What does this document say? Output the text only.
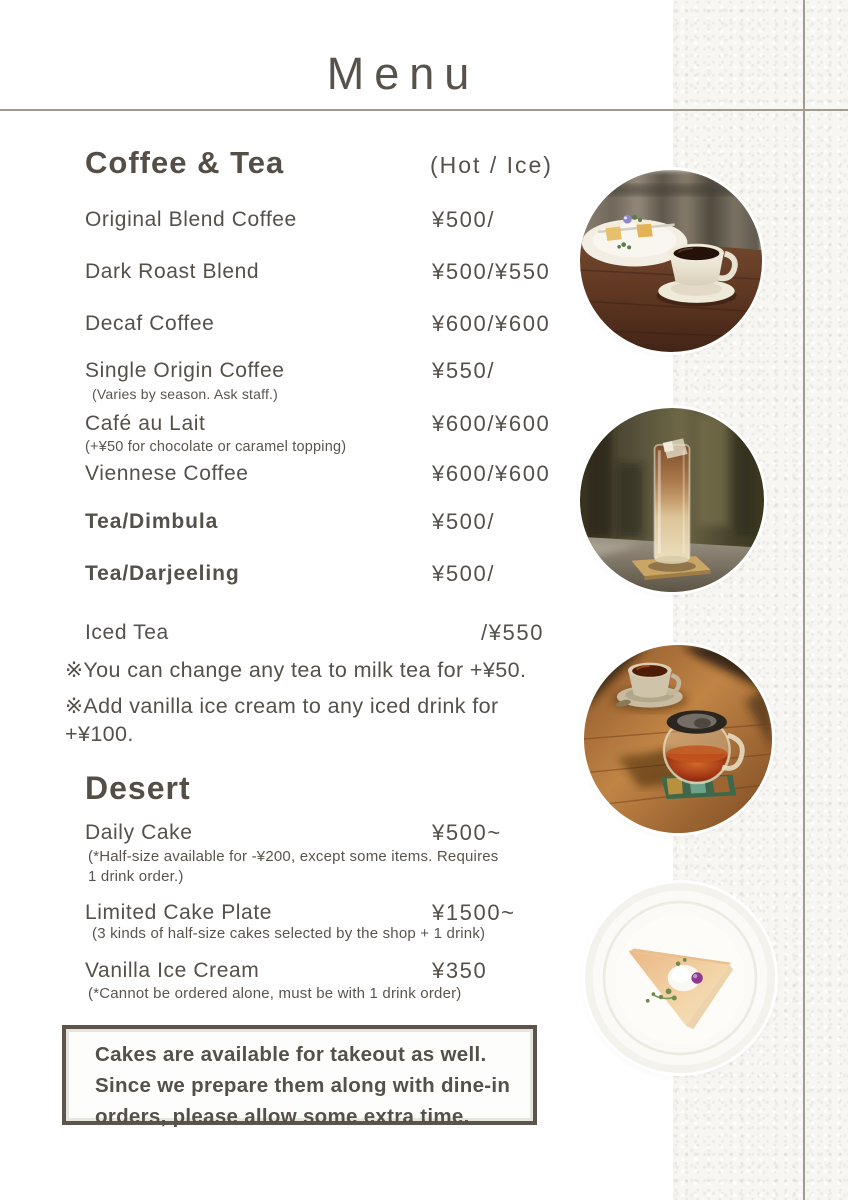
Menu
Coffee & Tea	(Hot / Ice)
Original Blend Coffee	¥500/
Dark Roast Blend	¥500/¥550
Decaf Coffee	¥600/¥600
Single Origin Coffee	¥550/
(Varies by season. Ask staff.)
Café au Lait	¥600/¥600
(+¥50 for chocolate or caramel topping)
Viennese Coffee	¥600/¥600
Tea/Dimbula	¥500/
Tea/Darjeeling	¥500/
Iced Tea	/¥550
※You can change any tea to milk tea for +¥50.
※Add vanilla ice cream to any iced drink for
+¥100.
Desert
Daily Cake	¥500~
(*Half-size available for -¥200, except some items. Requires
1 drink order.)
Limited Cake Plate	¥1500~
(3 kinds of half-size cakes selected by the shop + 1 drink)
Vanilla Ice Cream	¥350
(*Cannot be ordered alone, must be with 1 drink order)
Cakes are available for takeout as well.
Since we prepare them along with dine-in
orders, please allow some extra time.
